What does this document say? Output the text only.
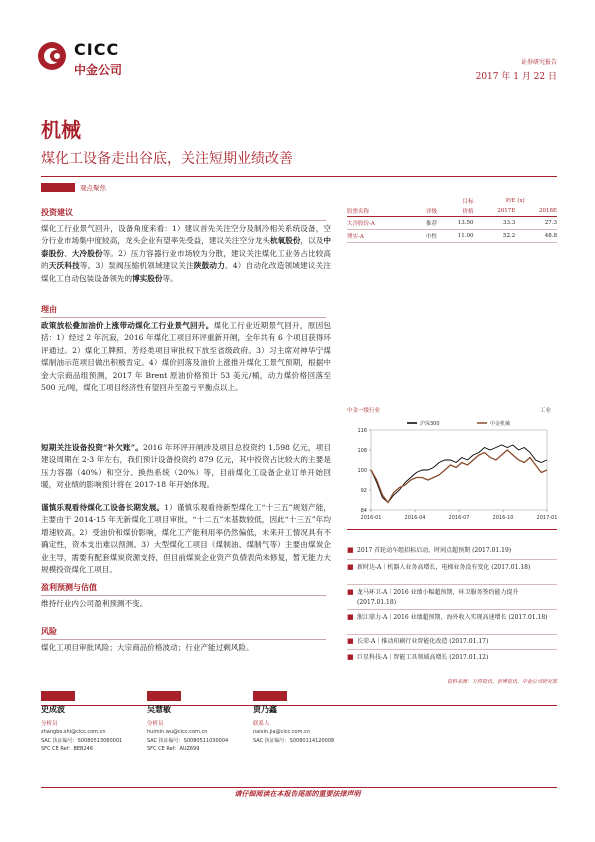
CICC
中金公司
证券研究报告
2017 年 1 月 22 日
机械
煤化工设备走出谷底，关注短期业绩改善
观点聚焦
投资建议
煤化工行业景气回升，设备角度来看：1）建议首先关注空分及制冷相关系统设备，空分行业市场集中度较高，龙头企业有望率先受益，建议关注空分龙头杭氧股份，以及中泰股份、大冷股份等。2）压力容器行业市场较为分散，建议关注煤化工业务占比较高的天沃科技等。3）泵阀压缩机领域建议关注陕鼓动力。4）自动化改造领域建议关注煤化工自动包装设备领先的博实股份等。
理由
政策放松叠加油价上涨带动煤化工行业景气回升。煤化工行业近期景气回升，原因包括：1）经过 2 年沉寂，2016 年煤化工项目环评重新开闸，全年共有 6 个项目获得环评通过。2）煤化工牌照、芳烃类项目审批权下放至省级政府。3）习主席对神华宁煤煤制油示范项目做出积极肯定。4）煤价回落及油价上涨推升煤化工景气预期，根据中金大宗商品组预测，2017 年 Brent 原油价格预计 53 美元/桶，动力煤价格回落至 500 元/吨，煤化工项目经济性有望回升至盈亏平衡点以上。
短期关注设备投资“补欠账”。2016 年环评开闸涉及项目总投资约 1,598 亿元，项目建设周期在 2-3 年左右，我们预计设备投资约 879 亿元，其中投资占比较大的主要是压力容器（40%）和空分、换热系统（20%）等，目前煤化工设备企业订单开始回暖，对业绩的影响预计将在 2017-18 年开始体现。
谨慎乐观看待煤化工设备长期发展。1）谨慎乐观看待新型煤化工“十三五”规划产能，主要由于 2014-15 年无新煤化工项目审批，“十二五”末基数较低，因此“十三五”年均增速较高。2）受油价和煤价影响，煤化工产能利用率仍然偏低，未来开工情况具有不确定性，资本支出难以预测。3）大型煤化工项目（煤制油、煤制气等）主要由煤炭企业主导，需要有配套煤炭资源支持，但目前煤炭企业资产负债表尚未修复，暂无能力大规模投资煤化工项目。
盈利预测与估值
维持行业内公司盈利预测不变。
风险
煤化工项目审批风险；大宗商品价格波动；行业产能过剩风险。
		目标	P/E (x)	
股票名称	评级	价格	2017E	2018E
大冷股份-A	推荐	13.50	33.3	27.3
博实-A	中性	11.00	52.2	48.8
中金一级行业	工业
84
92
100
108
116
2016-01	2016-04	2016-07	2016-10	2017-01
沪深300	中金机械
■ 2017 首轮动车组招标启动，时间点超预期 (2017.01.19)
■ 新时达-A｜机器人业务高增长，电梯业务没有变化 (2017.01.18)
■ 龙马环卫-A｜2016 业绩小幅超预期，环卫服务签约能力提升 (2017.01.18)
■ 浙江鼎力-A｜2016 业绩超预期，海外收入实现高速增长 (2017.01.18)
■ 长荣-A｜推动印刷行业智能化改造 (2017.01.17)
■ 巨星科技-A｜智能工具领域高增长 (2017.01.12)
资料来源：万得资讯、彭博资讯、中金公司研究部
史成波
分析员
zhangbo.shi@cicc.com.cn
SAC 执证编号：S0080513080001
SFC CE Ref：BEB246
吴慧敏
分析员
huimin.wu@cicc.com.cn
SAC 执证编号：S0080511030004
SFC CE Ref：AUZ699
贾乃鑫
联系人
naixin.jia@cicc.com.cn
SAC 执证编号：S0080114120008
请仔细阅读在本报告尾部的重要法律声明
